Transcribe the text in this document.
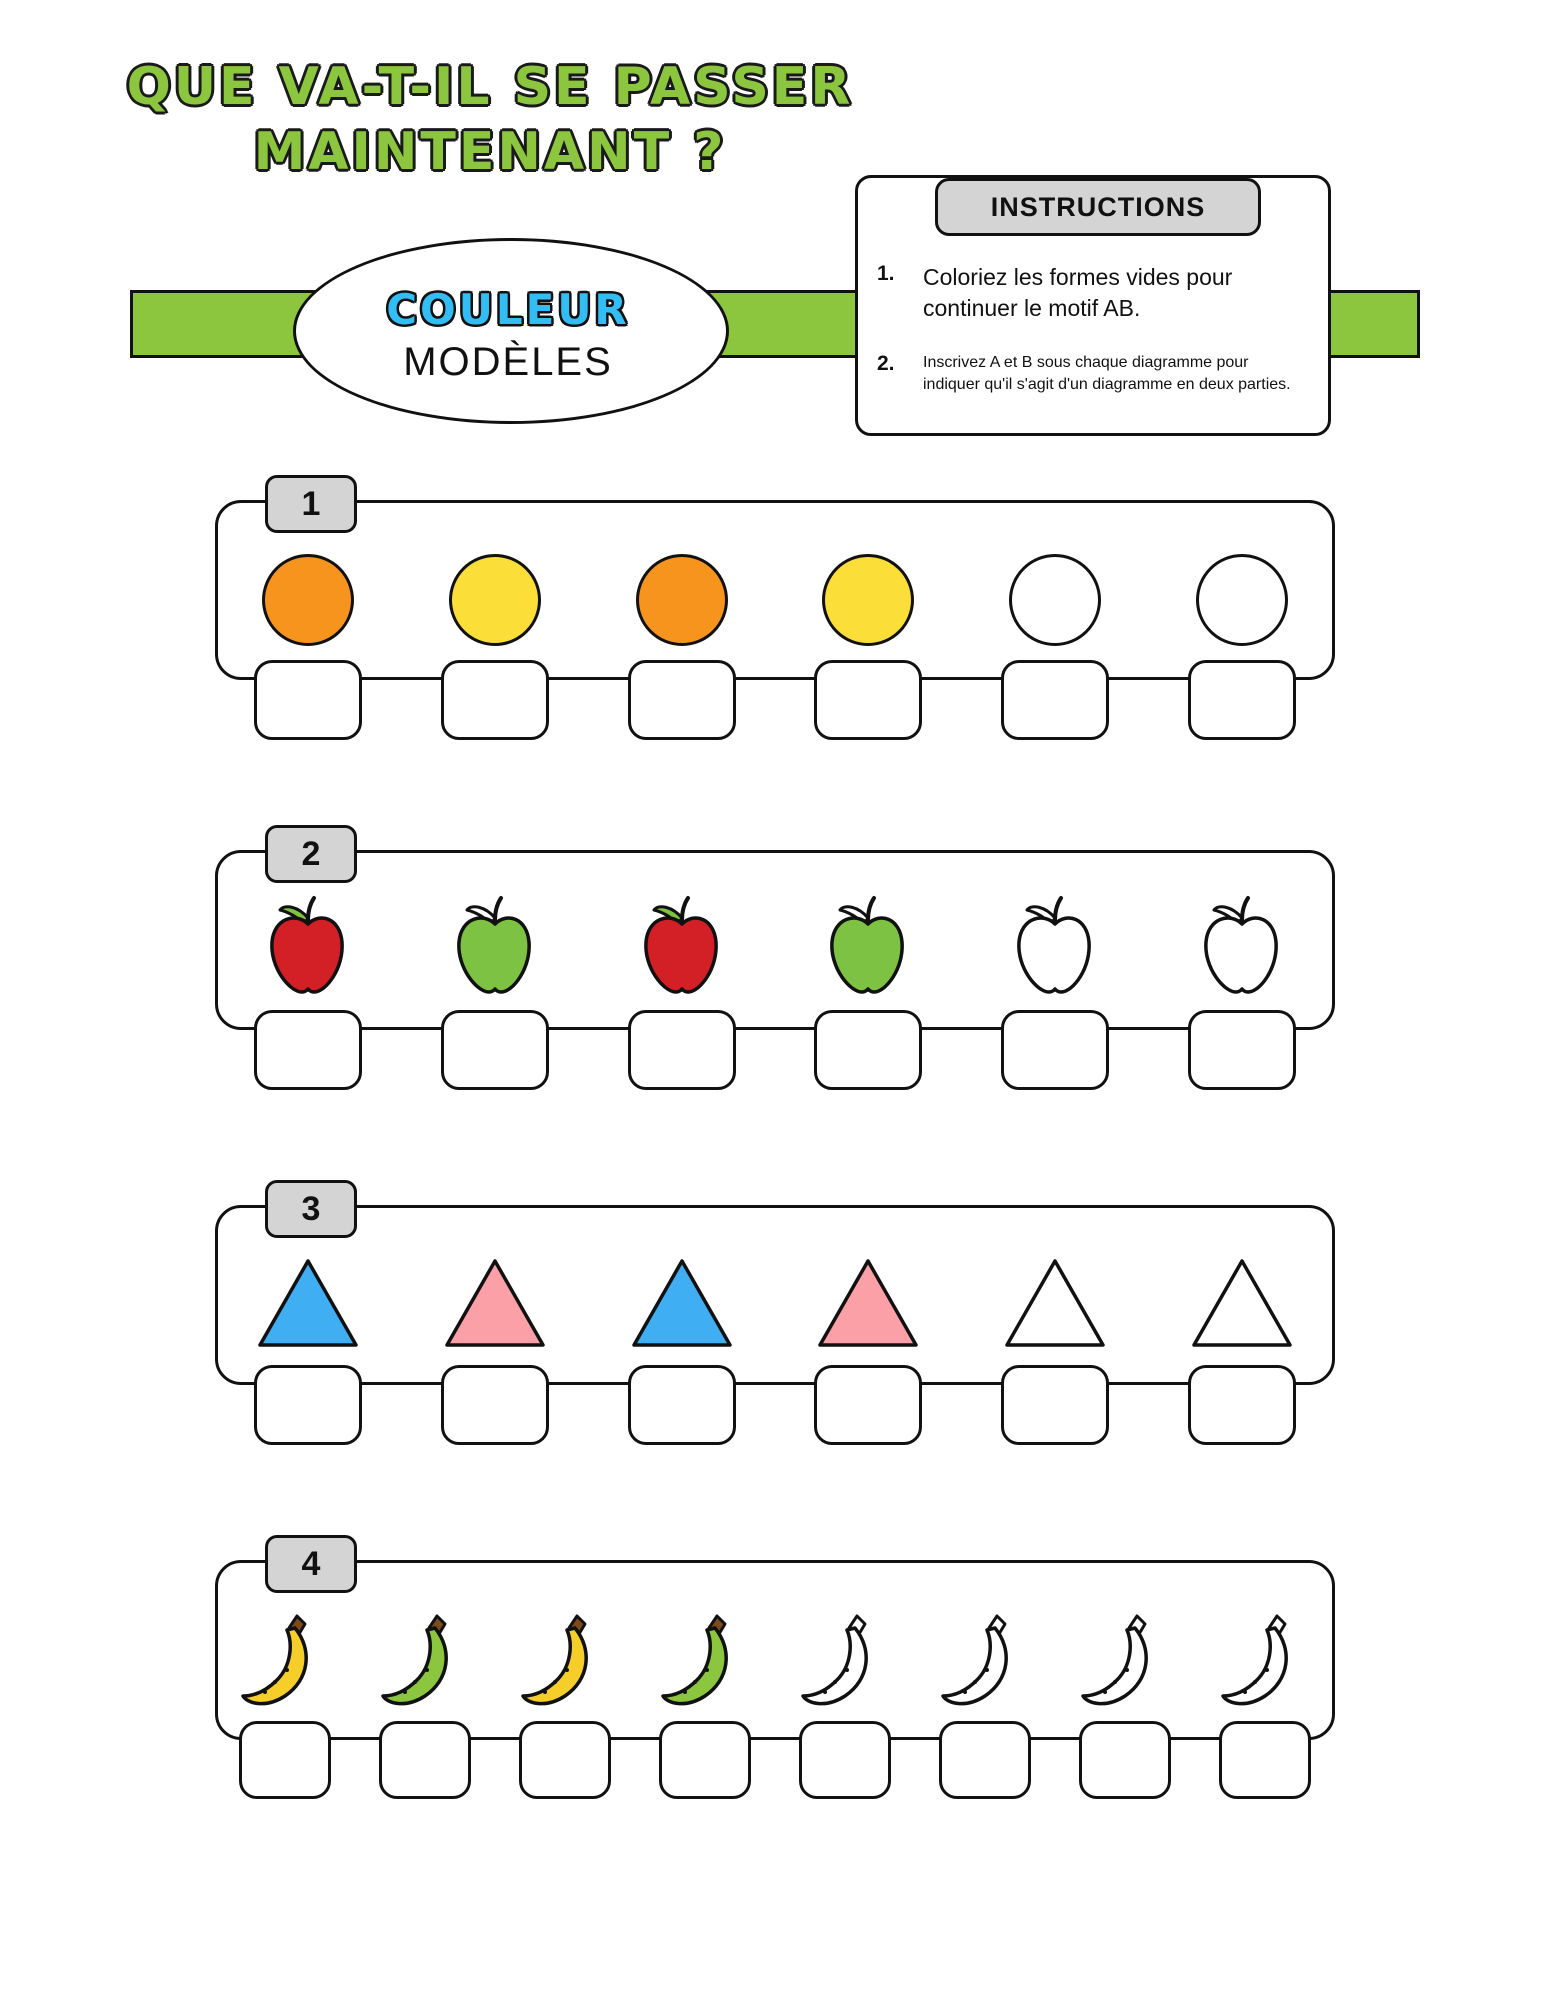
QUE VA-T-IL SE PASSER
MAINTENANT ?
COULEUR
MODÈLES
INSTRUCTIONS
1.	Coloriez les formes vides pour continuer le motif AB.
2.	Inscrivez A et B sous chaque diagramme pour indiquer qu'il s'agit d'un diagramme en deux parties.
1
2
3
4
